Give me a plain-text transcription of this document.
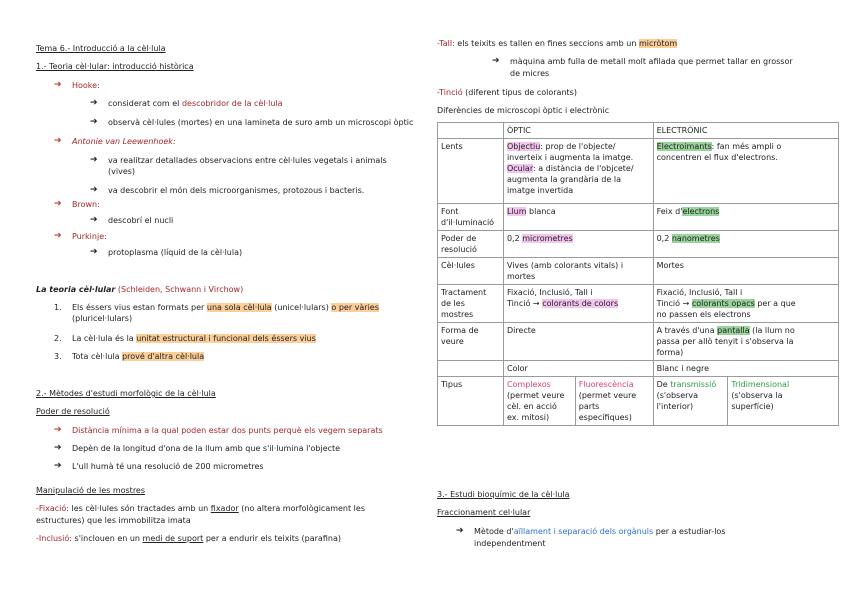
Tema 6.- Introducció a la cèl·lula
1.- Teoria cèl·lular: introducció històrica
➔ Hooke:
➔ considerat com el descobridor de la cèl·lula
➔ observà cèl·lules (mortes) en una lamineta de suro amb un microscopi òptic
➔ Antonie van Leewenhoek:
➔ va realitzar detallades observacions entre cèl·lules vegetals i animals
(vives)
➔ va descobrir el món dels microorganismes, protozous i bacteris.
➔ Brown:
➔ descobrí el nucli
➔ Purkinje:
➔ protoplasma (líquid de la cèl·lula)
La teoria cèl·lular (Schleiden, Schwann i Virchow)
1. Els éssers vius estan formats per una sola cèl·lula (unicel·lulars) o per vàries
(pluricel·lulars)
2. La cèl·lula és la unitat estructural i funcional dels éssers vius
3. Tota cèl·lula prové d'altra cèl·lula
2.- Mètodes d'estudi morfològic de la cèl·lula
Poder de resolució
➔ Distància mínima a la qual poden estar dos punts perquè els vegem separats
➔ Depèn de la longitud d'ona de la llum amb que s'il·lumina l'objecte
➔ L'ull humà té una resolució de 200 micrometres
Manipulació de les mostres
-Fixació: les cèl·lules són tractades amb un fixador (no altera morfològicament les
estructures) que les immobilitza imata
-Inclusió: s'inclouen en un medi de suport per a endurir els teixits (parafina)
-Tall: els teixits es tallen en fines seccions amb un micròtom
➔ màquina amb fulla de metall molt afilada que permet tallar en grossor
de micres
-Tinció (diferent tipus de colorants)
Diferències de microscopi òptic i electrònic
	ÒPTIC		ELECTRÒNIC	
Lents	Objectiu: prop de l'objecte/
inverteix i augmenta la imatge.
Ocular: a distància de l'objcete/
augmenta la grandària de la
imatge invertida		Electroimants: fan més ampli o
concentren el flux d'electrons.	
Font
d'il·luminació	Llum blanca		Feix d'electrons	
Poder de
resolució	0,2 micrometres		0,2 nanometres	
Cèl·lules	Vives (amb colorants vitals) i
mortes		Mortes	
Tractament
de les
mostres	Fixació, Inclusió, Tall i
Tinció → colorants de colors		Fixació, Inclusió, Tall i
Tinció → colorants opacs per a que
no passen els electrons	
Forma de
veure	Directe		A través d'una pantalla (la llum no
passa per allò tenyit i s'observa la
forma)	
	Color		Blanc i negre	
Tipus	Complexos
(permet veure
cèl. en acció
ex. mitosi)	Fluorescència
(permet veure
parts
específiques)	De transmissió
(s'observa
l'interior)	Tridimensional
(s'observa la
superfície)
3.- Estudi bioquímic de la cèl·lula
Fraccionament cel·lular
➔ Mètode d'aïllament i separació dels orgànuls per a estudiar-los
independentment
